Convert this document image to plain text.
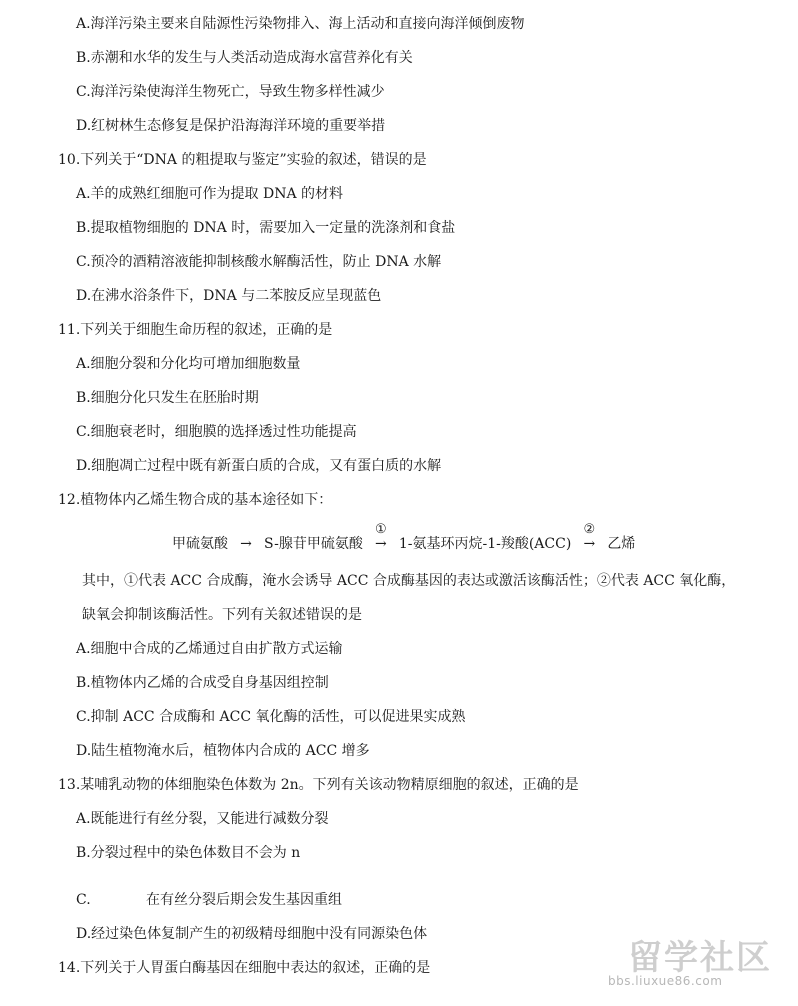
A.海洋污染主要来自陆源性污染物排入、海上活动和直接向海洋倾倒废物
B.赤潮和水华的发生与人类活动造成海水富营养化有关
C.海洋污染使海洋生物死亡，导致生物多样性减少
D.红树林生态修复是保护沿海海洋环境的重要举措
10.下列关于“DNA 的粗提取与鉴定”实验的叙述，错误的是
A.羊的成熟红细胞可作为提取 DNA 的材料
B.提取植物细胞的 DNA 时，需要加入一定量的洗涤剂和食盐
C.预冷的酒精溶液能抑制核酸水解酶活性，防止 DNA 水解
D.在沸水浴条件下，DNA 与二苯胺反应呈现蓝色
11.下列关于细胞生命历程的叙述，正确的是
A.细胞分裂和分化均可增加细胞数量
B.细胞分化只发生在胚胎时期
C.细胞衰老时，细胞膜的选择透过性功能提高
D.细胞凋亡过程中既有新蛋白质的合成，又有蛋白质的水解
12.植物体内乙烯生物合成的基本途径如下：
甲硫氨酸 → S-腺苷甲硫氨酸
①
→ 1-氨基环丙烷-1-羧酸(ACC)
②
→ 乙烯
其中，①代表 ACC 合成酶，淹水会诱导 ACC 合成酶基因的表达或激活该酶活性；②代表 ACC 氧化酶，
缺氧会抑制该酶活性。下列有关叙述错误的是
A.细胞中合成的乙烯通过自由扩散方式运输
B.植物体内乙烯的合成受自身基因组控制
C.抑制 ACC 合成酶和 ACC 氧化酶的活性，可以促进果实成熟
D.陆生植物淹水后，植物体内合成的 ACC 增多
13.某哺乳动物的体细胞染色体数为 2n。下列有关该动物精原细胞的叙述，正确的是
A.既能进行有丝分裂，又能进行减数分裂
B.分裂过程中的染色体数目不会为 n
C.	在有丝分裂后期会发生基因重组
D.经过染色体复制产生的初级精母细胞中没有同源染色体
14.下列关于人胃蛋白酶基因在细胞中表达的叙述，正确的是	留学社区
bbs.liuxue86.com
